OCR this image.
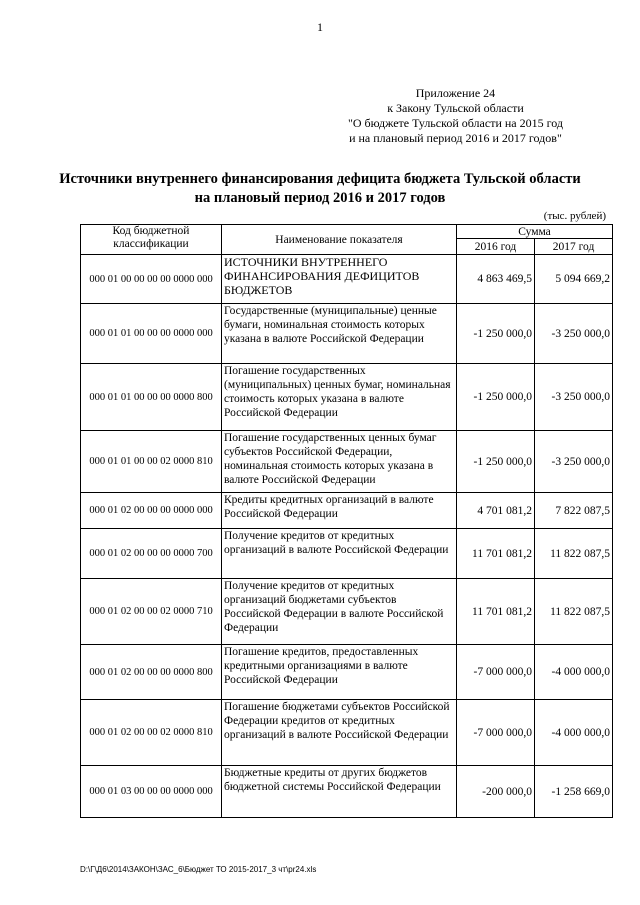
1
Приложение 24
к Закону Тульской области
"О бюджете Тульской области на 2015 год
и на плановый период 2016 и 2017 годов"
Источники внутреннего финансирования дефицита бюджета Тульской области
на плановый период 2016 и 2017 годов
(тыс. рублей)
Код бюджетной классификации	Наименование показателя	Сумма	
		2016 год	2017 год
000 01 00 00 00 00 0000 000	ИСТОЧНИКИ ВНУТРЕННЕГО ФИНАНСИРОВАНИЯ ДЕФИЦИТОВ БЮДЖЕТОВ	4 863 469,5	5 094 669,2
000 01 01 00 00 00 0000 000	Государственные (муниципальные) ценные бумаги, номинальная стоимость которых указана в валюте Российской Федерации	-1 250 000,0	-3 250 000,0
000 01 01 00 00 00 0000 800	Погашение государственных (муниципальных) ценных бумаг, номинальная стоимость которых указана в валюте Российской Федерации	-1 250 000,0	-3 250 000,0
000 01 01 00 00 02 0000 810	Погашение государственных ценных бумаг субъектов Российской Федерации, номинальная стоимость которых указана в валюте Российской Федерации	-1 250 000,0	-3 250 000,0
000 01 02 00 00 00 0000 000	Кредиты кредитных организаций в валюте Российской Федерации	4 701 081,2	7 822 087,5
000 01 02 00 00 00 0000 700	Получение кредитов от кредитных организаций в валюте Российской Федерации	11 701 081,2	11 822 087,5
000 01 02 00 00 02 0000 710	Получение кредитов от кредитных организаций бюджетами субъектов Российской Федерации в валюте Российской Федерации	11 701 081,2	11 822 087,5
000 01 02 00 00 00 0000 800	Погашение кредитов, предоставленных кредитными организациями в валюте Российской Федерации	-7 000 000,0	-4 000 000,0
000 01 02 00 00 02 0000 810	Погашение бюджетами субъектов Российской Федерации кредитов от кредитных организаций в валюте Российской Федерации	-7 000 000,0	-4 000 000,0
000 01 03 00 00 00 0000 000	Бюджетные кредиты от других бюджетов бюджетной системы Российской Федерации	-200 000,0	-1 258 669,0
D:\Г\Д6\2014\ЗАКОН\ЗАС_6\Бюджет ТО 2015-2017_3 чт\pr24.xls
